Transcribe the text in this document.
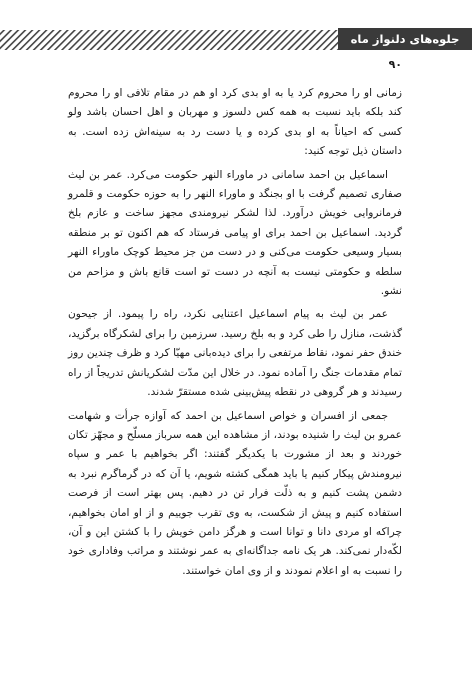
جلوه‌های دلنواز ماه
۹۰

زمانی او را محروم کرد یا به او بدی کرد او هم در مقام تلافی او را محروم کند بلکه باید نسبت به همه کس دلسوز و مهربان و اهل احسان باشد ولو کسی که احیاناً به او بدی کرده و یا دست رد به سینه‌اش زده است. به داستان ذیل توجه کنید:

اسماعیل بن احمد سامانی در ماوراء النهر حکومت می‌کرد. عمر بن لیث صفاری تصمیم گرفت با او بجنگد و ماوراء النهر را به حوزه حکومت و قلمرو فرمانروایی خویش درآورد. لذا لشکر نیرومندی مجهز ساخت و عازم بلخ گردید. اسماعیل بن احمد برای او پیامی فرستاد که هم اکنون تو بر منطقه بسیار وسیعی حکومت می‌کنی و در دست من جز محیط کوچک ماوراء النهر سلطه و حکومتی نیست به آنچه در دست تو است قانع باش و مزاحم من نشو.

عمر بن لیث به پیام اسماعیل اعتنایی نکرد، راه را پیمود. از جیحون گذشت، منازل را طی کرد و به بلخ رسید. سرزمین را برای لشکرگاه برگزید، خندق حفر نمود، نقاط مرتفعی را برای دیده‌بانی مهیّا کرد و ظرف چندین روز تمام مقدمات جنگ را آماده نمود. در خلال این مدّت لشکریانش تدریجاً از راه رسیدند و هر گروهی در نقطه پیش‌بینی شده مستقرّ شدند.

جمعی از افسران و خواص اسماعیل بن احمد که آوازه جرأت و شهامت عمرو بن لیث را شنیده بودند، از مشاهده این همه سرباز مسلّح و مجهّز تکان خوردند و بعد از مشورت با یکدیگر گفتند: اگر بخواهیم با عمر و سپاه نیرومندش پیکار کنیم یا باید همگی کشته شویم، یا آن که در گرماگرم نبرد به دشمن پشت کنیم و به ذلّت فرار تن در دهیم. پس بهتر است از فرصت استفاده کنیم و پیش از شکست، به وی تقرب جوییم و از او امان بخواهیم، چراکه او مردی دانا و توانا است و هرگز دامن خویش را با کشتن این و آن، لکّه‌دار نمی‌کند. هر یک نامه جداگانه‌ای به عمر نوشتند و مراتب وفاداری خود را نسبت به او اعلام نمودند و از وی امان خواستند.
